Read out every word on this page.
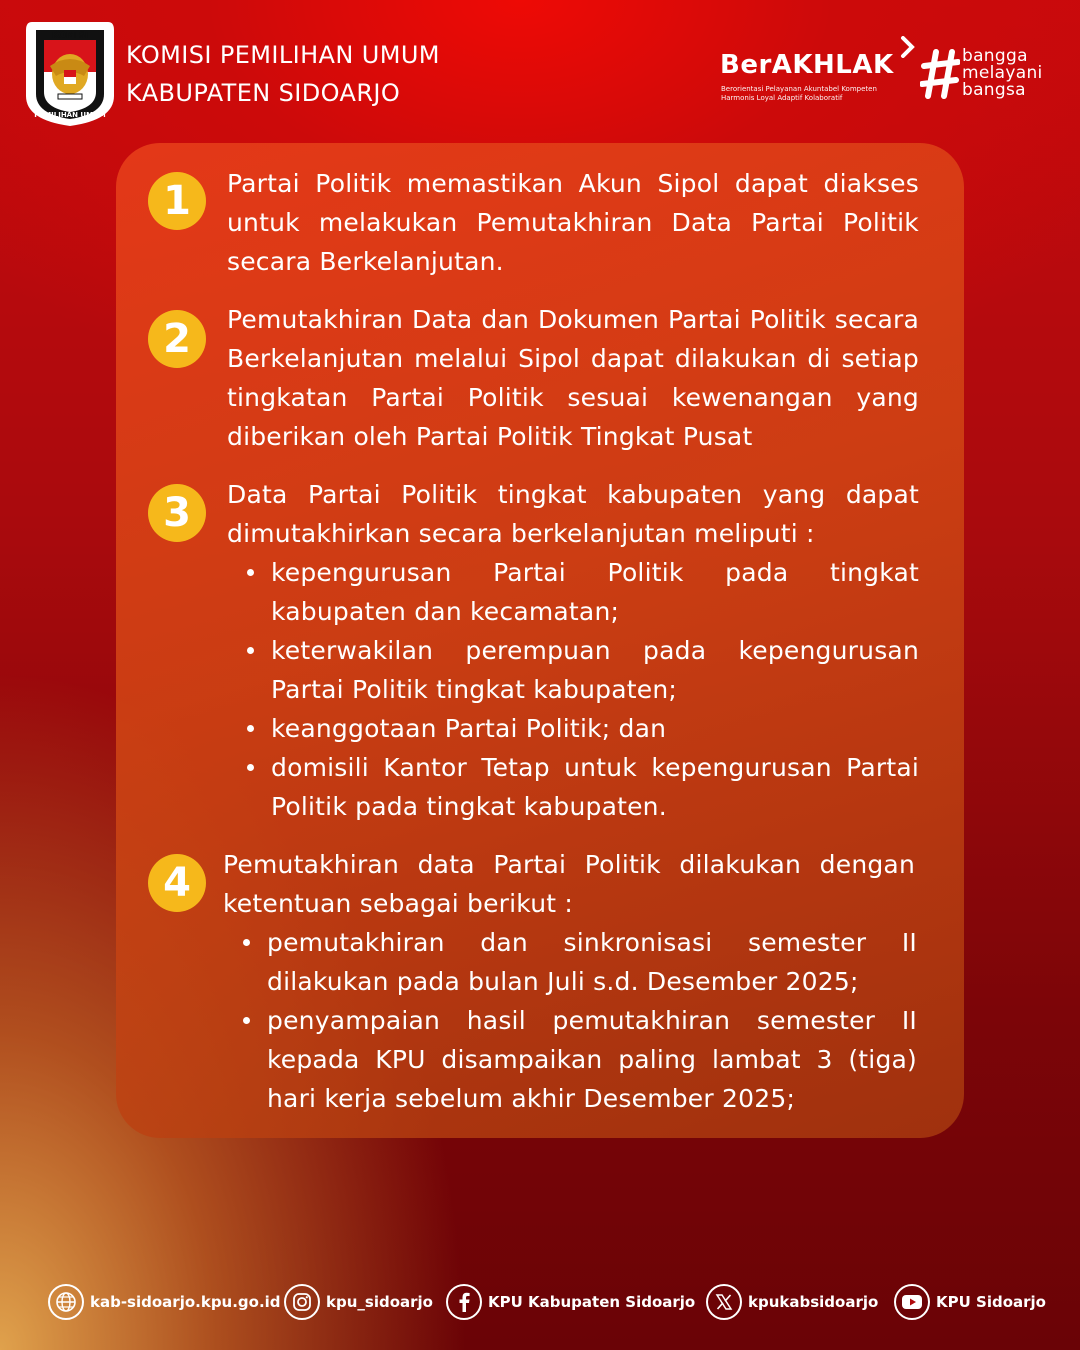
KOMISI
PEMILIHAN UMUM
KOMISI PEMILIHAN UMUM
KABUPATEN SIDOARJO
BerAKHLAK
Berorientasi Pelayanan Akuntabel Kompeten
Harmonis Loyal Adaptif Kolaboratif
bangga
melayani
bangsa
1	Partai Politik memastikan Akun Sipol dapat diakses untuk melakukan Pemutakhiran Data Partai Politik secara Berkelanjutan.
2	Pemutakhiran Data dan Dokumen Partai Politik secara Berkelanjutan melalui Sipol dapat dilakukan di setiap tingkatan Partai Politik sesuai kewenangan yang diberikan oleh Partai Politik Tingkat Pusat
3	Data Partai Politik tingkat kabupaten yang dapat dimutakhirkan secara berkelanjutan meliputi :
kepengurusan Partai Politik pada tingkat kabupaten dan kecamatan;
keterwakilan perempuan pada kepengurusan Partai Politik tingkat kabupaten;
keanggotaan Partai Politik; dan
domisili Kantor Tetap untuk kepengurusan Partai Politik pada tingkat kabupaten.
4	Pemutakhiran data Partai Politik dilakukan dengan ketentuan sebagai berikut :
pemutakhiran dan sinkronisasi semester II dilakukan pada bulan Juli s.d. Desember 2025;
penyampaian hasil pemutakhiran semester II kepada KPU disampaikan paling lambat 3 (tiga) hari kerja sebelum akhir Desember 2025;
kab-sidoarjo.kpu.go.id	kpu_sidoarjo	KPU Kabupaten Sidoarjo	kpukabsidoarjo	KPU Sidoarjo
